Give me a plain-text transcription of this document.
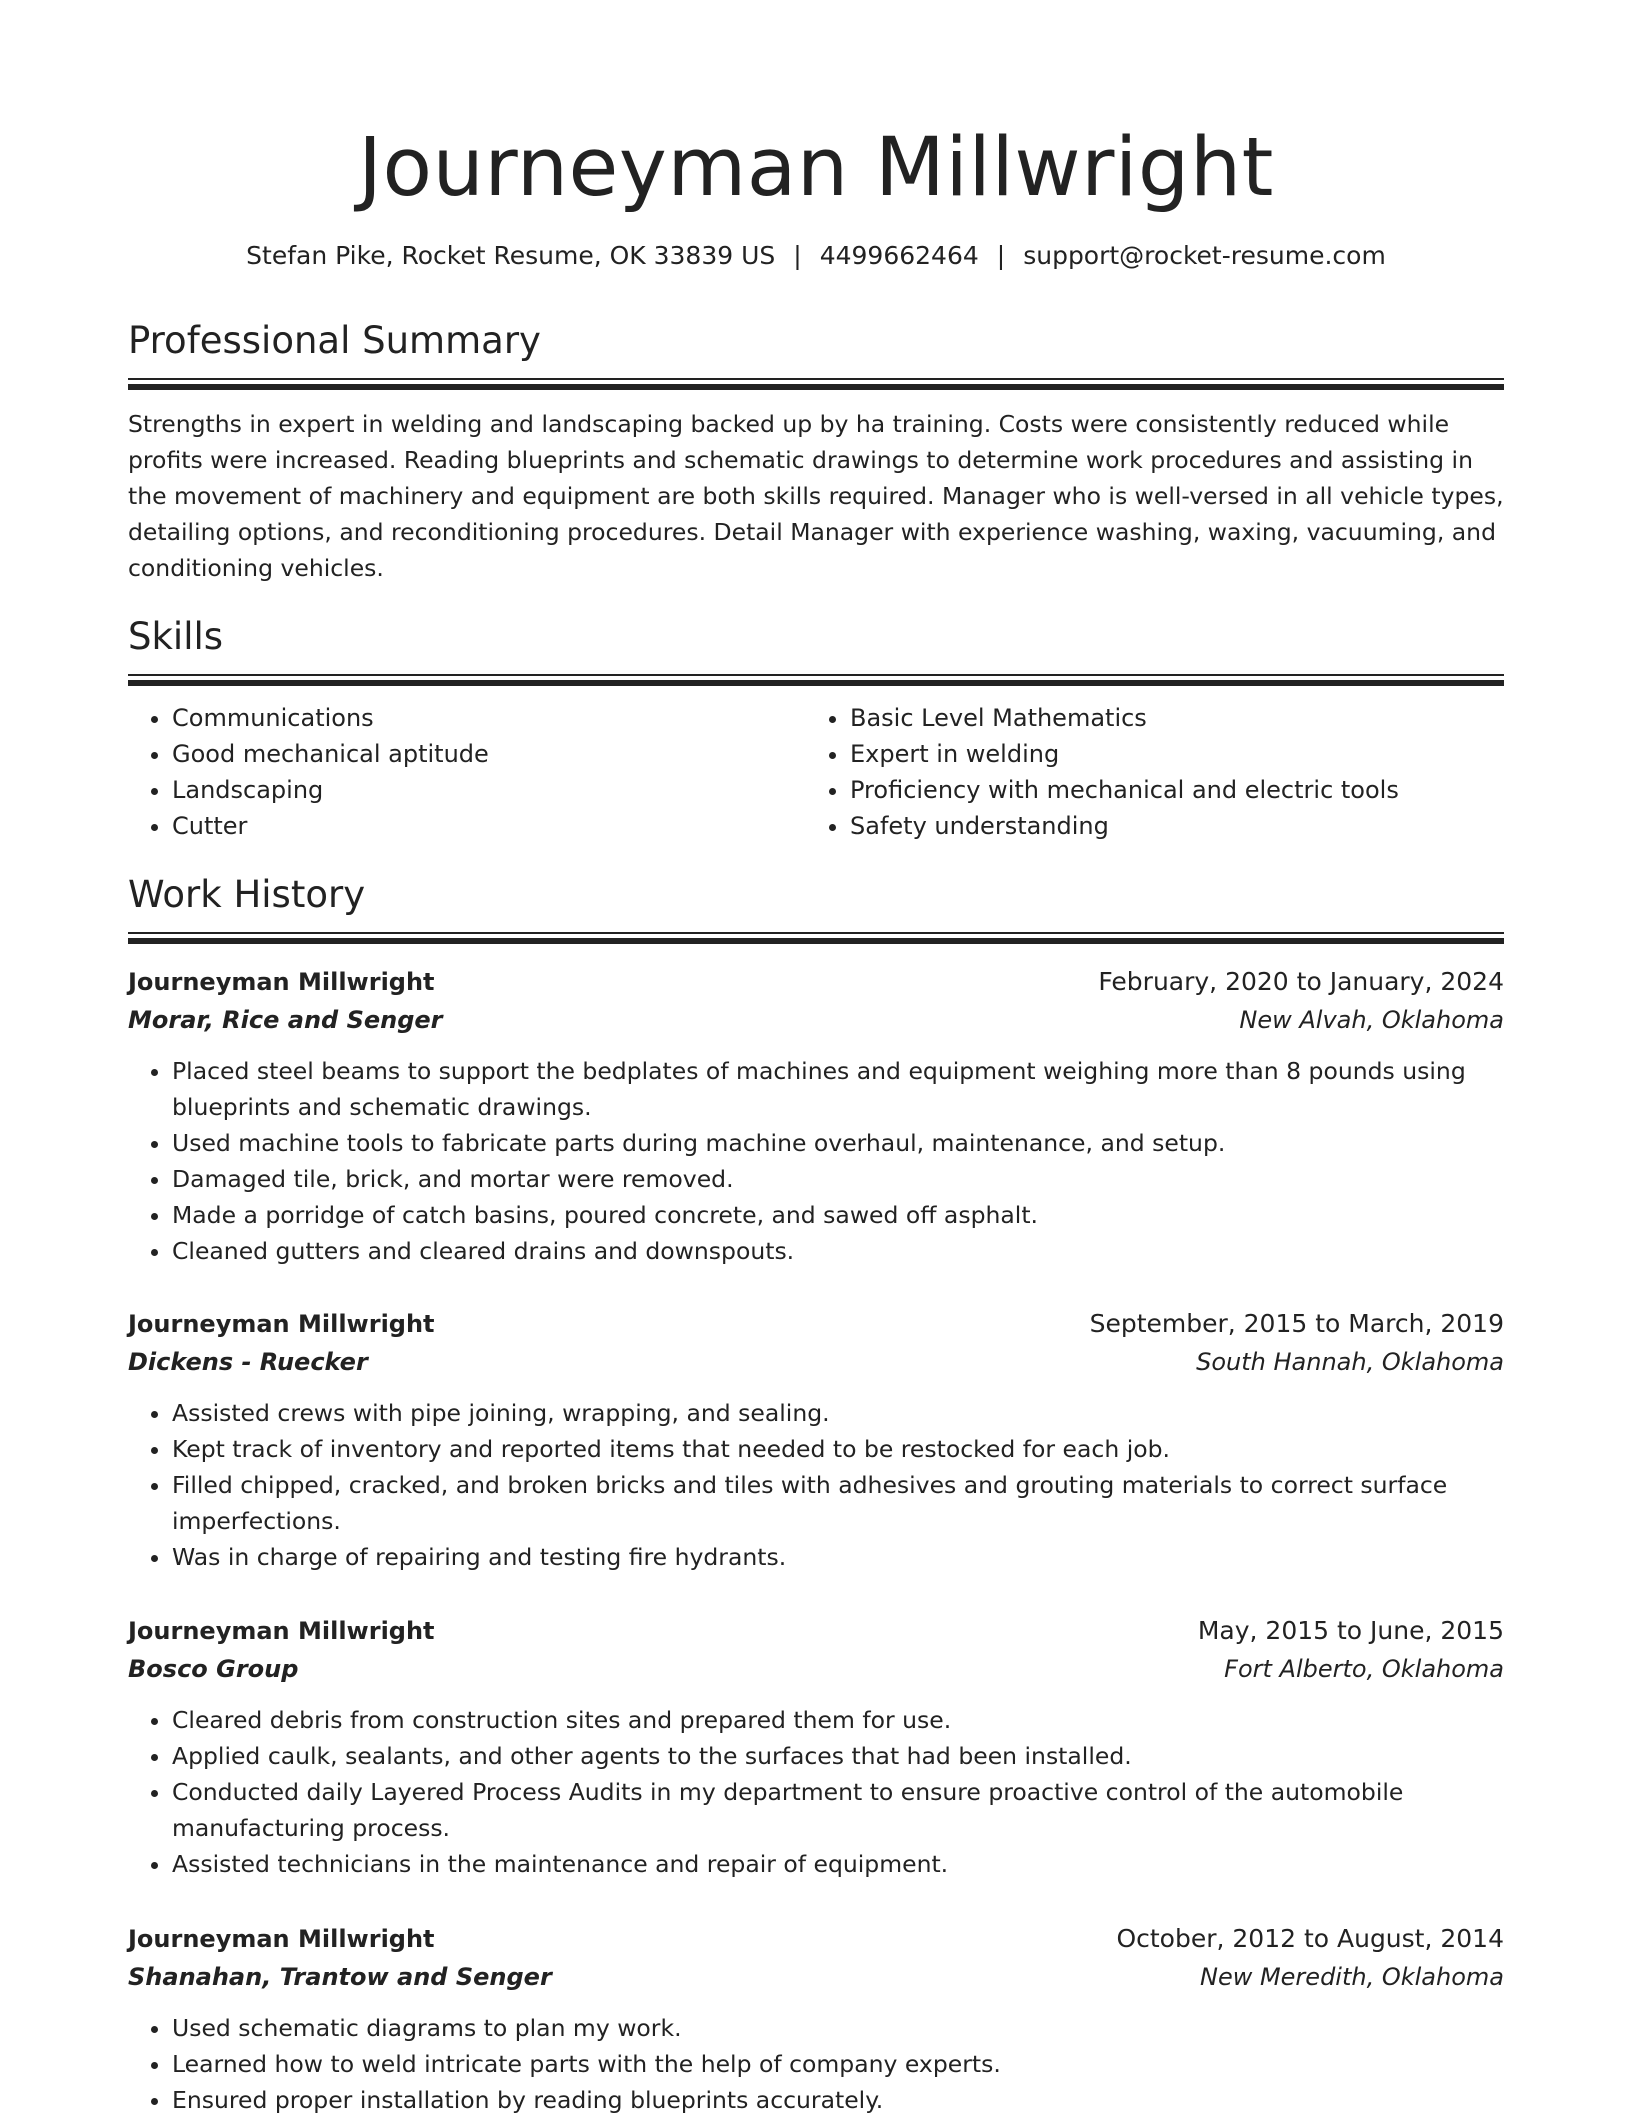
Journeyman Millwright
Stefan Pike, Rocket Resume, OK 33839 US | 4499662464 | support@rocket-resume.com
Professional Summary

Strengths in expert in welding and landscaping backed up by ha training. Costs were consistently reduced while profits were increased. Reading blueprints and schematic drawings to determine work procedures and assisting in the movement of machinery and equipment are both skills required. Manager who is well-versed in all vehicle types, detailing options, and reconditioning procedures. Detail Manager with experience washing, waxing, vacuuming, and conditioning vehicles.

Skills
• Communications
• Good mechanical aptitude
• Landscaping
• Cutter
• Basic Level Mathematics
• Expert in welding
• Proficiency with mechanical and electric tools
• Safety understanding
Work History
Journeyman Millwright	February, 2020 to January, 2024
Morar, Rice and Senger	New Alvah, Oklahoma
• Placed steel beams to support the bedplates of machines and equipment weighing more than 8 pounds using blueprints and schematic drawings.
• Used machine tools to fabricate parts during machine overhaul, maintenance, and setup.
• Damaged tile, brick, and mortar were removed.
• Made a porridge of catch basins, poured concrete, and sawed off asphalt.
• Cleaned gutters and cleared drains and downspouts.
Journeyman Millwright	September, 2015 to March, 2019
Dickens - Ruecker	South Hannah, Oklahoma
• Assisted crews with pipe joining, wrapping, and sealing.
• Kept track of inventory and reported items that needed to be restocked for each job.
• Filled chipped, cracked, and broken bricks and tiles with adhesives and grouting materials to correct surface imperfections.
• Was in charge of repairing and testing fire hydrants.
Journeyman Millwright	May, 2015 to June, 2015
Bosco Group	Fort Alberto, Oklahoma
• Cleared debris from construction sites and prepared them for use.
• Applied caulk, sealants, and other agents to the surfaces that had been installed.
• Conducted daily Layered Process Audits in my department to ensure proactive control of the automobile manufacturing process.
• Assisted technicians in the maintenance and repair of equipment.
Journeyman Millwright	October, 2012 to August, 2014
Shanahan, Trantow and Senger	New Meredith, Oklahoma
• Used schematic diagrams to plan my work.
• Learned how to weld intricate parts with the help of company experts.
• Ensured proper installation by reading blueprints accurately.
